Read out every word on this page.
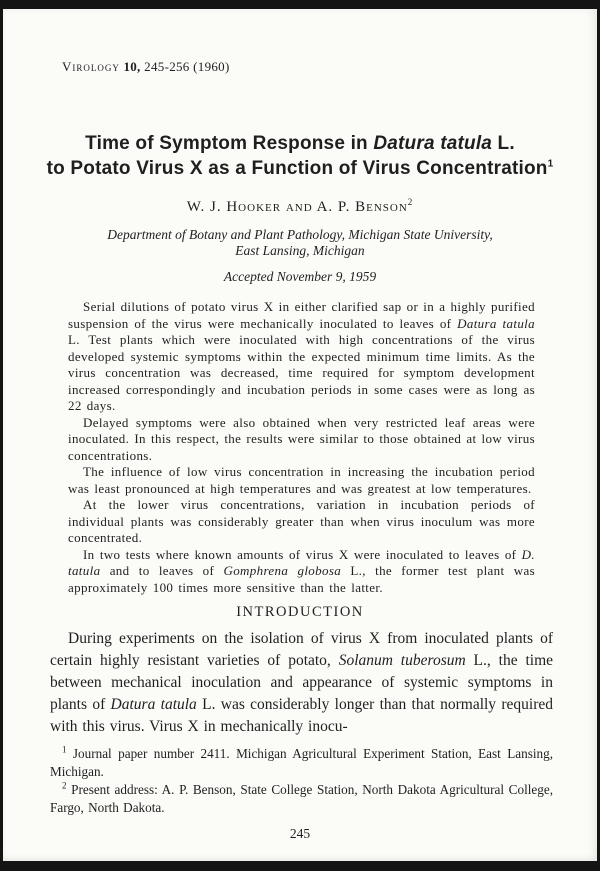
Virology 10, 245-256 (1960)
Time of Symptom Response in Datura tatula L.
to Potato Virus X as a Function of Virus Concentration$^1$
W. J. Hooker and A. P. Benson$^2$
Department of Botany and Plant Pathology, Michigan State University,
East Lansing, Michigan
Accepted November 9, 1959

Serial dilutions of potato virus X in either clarified sap or in a highly purified suspension of the virus were mechanically inoculated to leaves of Datura tatula L. Test plants which were inoculated with high concentrations of the virus developed systemic symptoms within the expected minimum time limits. As the virus concentration was decreased, time required for symptom development increased correspondingly and incubation periods in some cases were as long as 22 days.

Delayed symptoms were also obtained when very restricted leaf areas were inoculated. In this respect, the results were similar to those obtained at low virus concentrations.

The influence of low virus concentration in increasing the incubation period was least pronounced at high temperatures and was greatest at low temperatures.

At the lower virus concentrations, variation in incubation periods of individual plants was considerably greater than when virus inoculum was more concentrated.

In two tests where known amounts of virus X were inoculated to leaves of D. tatula and to leaves of Gomphrena globosa L., the former test plant was approximately 100 times more sensitive than the latter.

INTRODUCTION

During experiments on the isolation of virus X from inoculated plants of certain highly resistant varieties of potato, Solanum tuberosum L., the time between mechanical inoculation and appearance of systemic symptoms in plants of Datura tatula L. was considerably longer than that normally required with this virus. Virus X in mechanically inocu-

$^1$ Journal paper number 2411. Michigan Agricultural Experiment Station, East Lansing, Michigan.

$^2$ Present address: A. P. Benson, State College Station, North Dakota Agricultural College, Fargo, North Dakota.

245
